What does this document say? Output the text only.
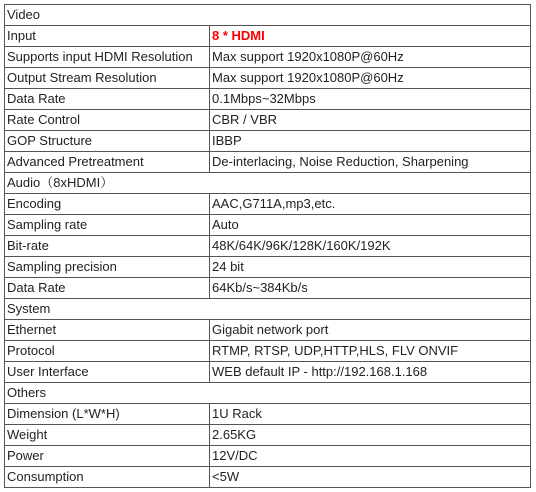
Video	
Input	8 * HDMI
Supports input HDMI Resolution	Max support 1920x1080P@60Hz
Output Stream Resolution	Max support 1920x1080P@60Hz
Data Rate	0.1Mbps~32Mbps
Rate Control	CBR / VBR
GOP Structure	IBBP
Advanced Pretreatment	De-interlacing, Noise Reduction, Sharpening
Audio（8xHDMI）	
Encoding	AAC,G711A,mp3,etc.
Sampling rate	Auto
Bit-rate	48K/64K/96K/128K/160K/192K
Sampling precision	24 bit
Data Rate	64Kb/s~384Kb/s
System	
Ethernet	Gigabit network port
Protocol	RTMP, RTSP, UDP,HTTP,HLS, FLV ONVIF
User Interface	WEB default IP - http://192.168.1.168
Others	
Dimension (L*W*H)	1U Rack
Weight	2.65KG
Power	12V/DC
Consumption	<5W
